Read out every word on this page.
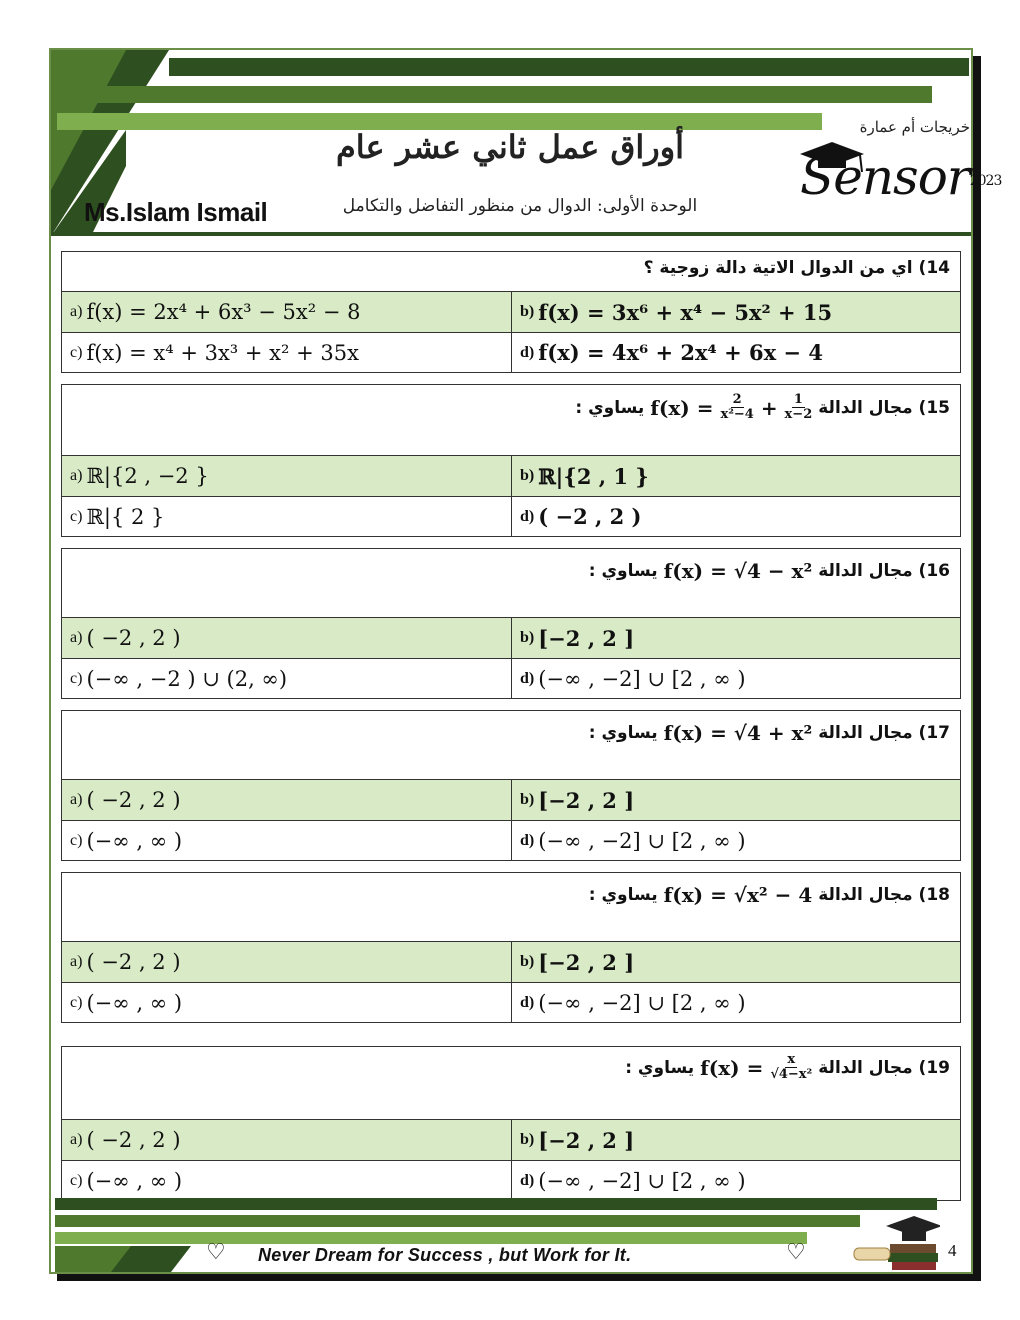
أوراق عمل ثاني عشر عام
الوحدة الأولى: الدوال من منظور التفاضل والتكامل
Ms.Islam Ismail
خريجات أم عمارة
Sensor2023
14) اي من الدوال الاتية دالة زوجية ؟
a) f(x) = 2x⁴ + 6x³ − 5x² − 8	b) f(x) = 3x⁶ + x⁴ − 5x² + 15
c) f(x) = x⁴ + 3x³ + x² + 35x	d) f(x) = 4x⁶ + 2x⁴ + 6x − 4
15) مجال الدالة
f(x) =
$\frac{2}{\text{x²−4}}$
+
$\frac{1}{x-2}$
يساوي :
a) ℝ|{2 , −2 }	b) ℝ|{2 , 1 }
c) ℝ|{ 2 }	d) ( −2 , 2 )
16) مجال الدالة
f(x) = √4 − x²
يساوي :
a) ( −2 , 2 )	b) [−2 , 2 ]
c) (−∞ , −2 ) ∪ (2, ∞)	d) (−∞ , −2] ∪ [2 , ∞ )
17) مجال الدالة
f(x) = √4 + x²
يساوي :
a) ( −2 , 2 )	b) [−2 , 2 ]
c) (−∞ , ∞ )	d) (−∞ , −2] ∪ [2 , ∞ )
18) مجال الدالة
f(x) = √x² − 4
يساوي :
a) ( −2 , 2 )	b) [−2 , 2 ]
c) (−∞ , ∞ )	d) (−∞ , −2] ∪ [2 , ∞ )
19) مجال الدالة
f(x) =
$\frac{x}{\text{√4−x²}}$
يساوي :
a) ( −2 , 2 )	b) [−2 , 2 ]
c) (−∞ , ∞ )	d) (−∞ , −2] ∪ [2 , ∞ )
♡ Never Dream for Success , but Work for It.	♡	4
